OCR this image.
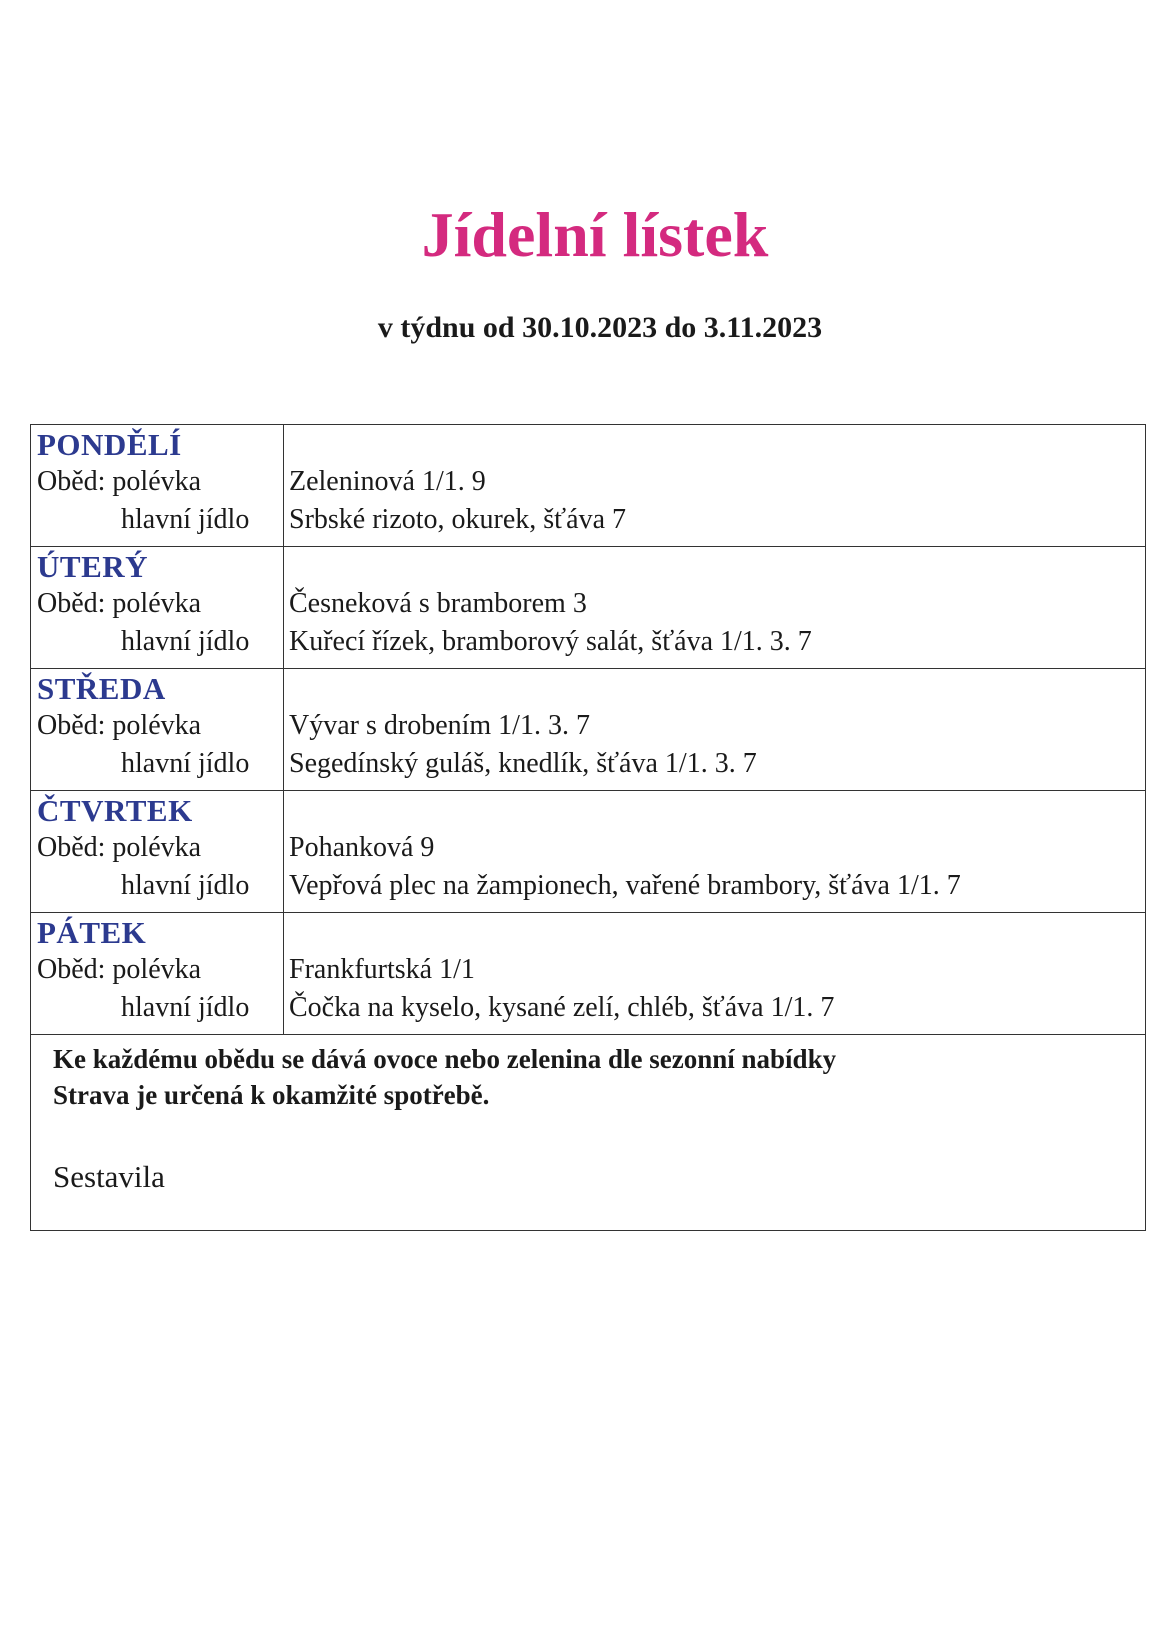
Jídelní lístek
v týdnu od 30.10.2023 do 3.11.2023
PONDĚLÍ
Oběd: polévka
hlavní jídlo
Zeleninová 1/1. 9
Srbské rizoto, okurek, šťáva 7
ÚTERÝ
Oběd: polévka
hlavní jídlo
Česneková s bramborem 3
Kuřecí řízek, bramborový salát, šťáva 1/1. 3. 7
STŘEDA
Oběd: polévka
hlavní jídlo
Vývar s drobením 1/1. 3. 7
Segedínský guláš, knedlík, šťáva 1/1. 3. 7
ČTVRTEK
Oběd: polévka
hlavní jídlo
Pohanková 9
Vepřová plec na žampionech, vařené brambory, šťáva 1/1. 7
PÁTEK
Oběd: polévka
hlavní jídlo
Frankfurtská 1/1
Čočka na kyselo, kysané zelí, chléb, šťáva 1/1. 7
Ke každému obědu se dává ovoce nebo zelenina dle sezonní nabídky
Strava je určená k okamžité spotřebě.
Sestavila
